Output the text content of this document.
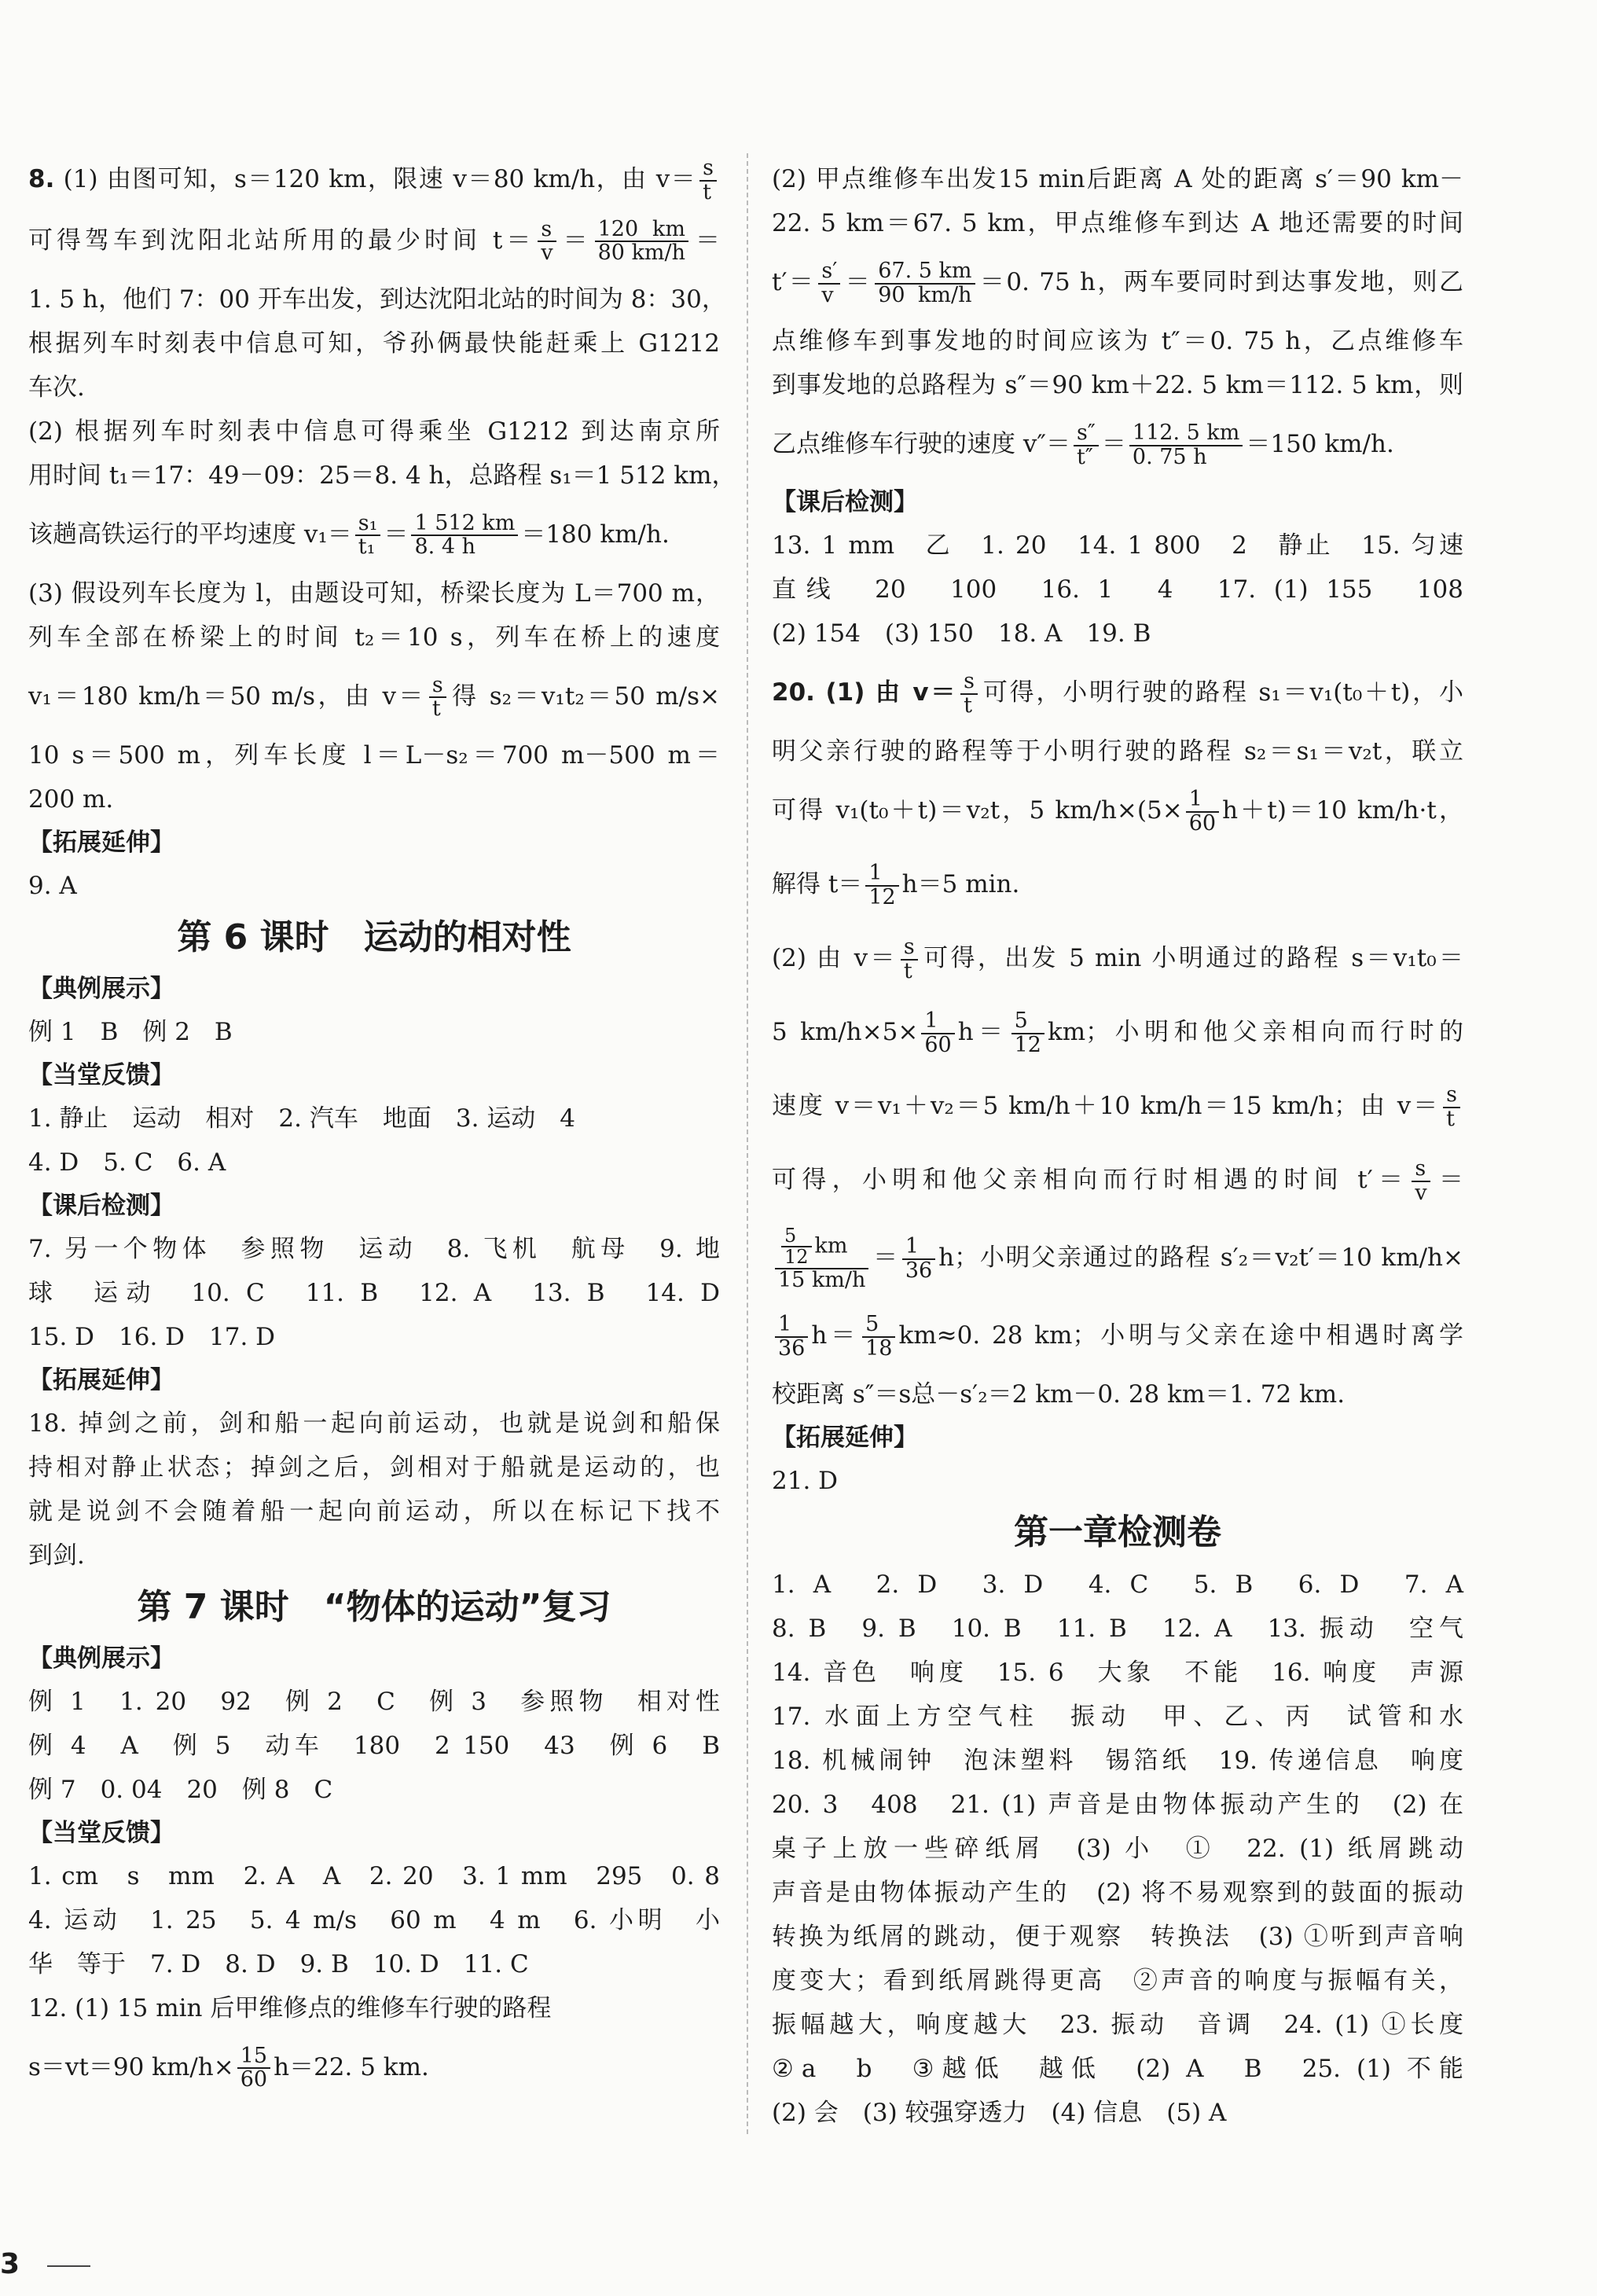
8. (1) 由图可知，s＝120 km，限速 v＝80 km/h，由 $v= \frac{s}{t}$
可得驾车到沈阳北站所用的最少时间 $t= \frac{s}{v} = \frac{120 km}{80 km/h}$ ＝
1. 5 h，他们 7：00 开车出发，到达沈阳北站的时间为 8：30，
根据列车时刻表中信息可知，爷孙俩最快能赶乘上 G1212
车次.
(2) 根据列车时刻表中信息可得乘坐 G1212 到达南京所
用时间 t₁＝17：49－09：25＝8. 4 h，总路程 s₁＝1 512 km，
该趟高铁运行的平均速度 $v_1= \frac{\text{s₁}}{\text{t₁}} = \frac{1 512 km}{8. 4 h} =180$ km/h.
(3) 假设列车长度为 l，由题设可知，桥梁长度为 L＝700 m，
列车全部在桥梁上的时间 t₂＝10 s，列车在桥上的速度
v₁＝180 km/h＝50 m/s，由 $v= \frac{s}{t}$ 得 s₂＝v₁t₂＝50 m/s×
10 s＝500 m，列车长度 l＝L－s₂＝700 m－500 m＝
200 m.
【拓展延伸】
9. A
第 6 课时　运动的相对性
【典例展示】
例 1　B　例 2　B
【当堂反馈】
1. 静止　运动　相对　2. 汽车　地面　3. 运动　4
4. D　5. C　6. A
【课后检测】
7. 另一个物体　参照物　运动　8. 飞机　航母　9. 地
球　运动　10. C　11. B　12. A　13. B　14. D
15. D　16. D　17. D
【拓展延伸】
18. 掉剑之前，剑和船一起向前运动，也就是说剑和船保
持相对静止状态；掉剑之后，剑相对于船就是运动的，也
就是说剑不会随着船一起向前运动，所以在标记下找不
到剑.
第 7 课时　“物体的运动”复习
【典例展示】
例 1　1. 20　92　例 2　C　例 3　参照物　相对性
例 4　A　例 5　动车　180　2 150　43　例 6　B
例 7　0. 04　20　例 8　C
【当堂反馈】
1. cm　s　mm　2. A　A　2. 20　3. 1 mm　295　0. 8
4. 运动　1. 25　5. 4 m/s　60 m　4 m　6. 小明　小
华　等于　7. D　8. D　9. B　10. D　11. C
12. (1) 15 min 后甲维修点的维修车行驶的路程
s＝vt＝90 $km/h\times \frac{15}{60} h=22$. 5 km.
(2) 甲点维修车出发15 min后距离 A 处的距离 s′＝90 km－
22. 5 km＝67. 5 km，甲点维修车到达 A 地还需要的时间
$t'= \frac{s'}{v} = \frac{67. 5 km}{90 km/h} =0$. 75 h，两车要同时到达事发地，则乙
点维修车到事发地的时间应该为 t″＝0. 75 h，乙点维修车
到事发地的总路程为 s″＝90 km＋22. 5 km＝112. 5 km，则
乙点维修车行驶的速度 $v''= \frac{s''}{t''} = \frac{112. 5 km}{0. 75 h} =150$ km/h.
【课后检测】
13. 1 mm　乙　1. 20　14. 1 800　2　静止　15. 匀速
直线　20　100　16. 1　4　17. (1) 155　108
(2) 154　(3) 150　18. A　19. B
20. (1) 由 $v= \frac{s}{t}$ 可得，小明行驶的路程 s₁＝v₁(t₀＋t)，小
明父亲行驶的路程等于小明行驶的路程 s₂＝s₁＝v₂t，联立
可得 v₁(t₀＋t)＝v₂t，5 $km/h\times(5\times \frac{1}{60} h+t)=10$ km/h·t，
解得 $t= \frac{1}{12} h=5$ min.
(2) 由 $v= \frac{s}{t}$ 可得，出发 5 min 小明通过的路程 s＝v₁t₀＝
5 $km/h\times 5\times \frac{1}{60} h= \frac{5}{12}$ km；小明和他父亲相向而行时的
速度 v＝v₁＋v₂＝5 km/h＋10 km/h＝15 km/h；由 $v= \frac{s}{t}$
可得，小明和他父亲相向而行时相遇的时间 $t'= \frac{s}{v}$ ＝
$\frac{\frac{5}{12} km}{15 km/h} = \frac{1}{36}$ h；小明父亲通过的路程 s′₂＝v₂t′＝10 km/h×
$\frac{1}{36} h= \frac{5}{18} km\approx 0$. 28 km；小明与父亲在途中相遇时离学
校距离 s″＝s总－s′₂＝2 km－0. 28 km＝1. 72 km.
【拓展延伸】
21. D
第一章检测卷
1. A　2. D　3. D　4. C　5. B　6. D　7. A
8. B　9. B　10. B　11. B　12. A　13. 振动　空气
14. 音色　响度　15. 6　大象　不能　16. 响度　声源
17. 水面上方空气柱　振动　甲、乙、丙　试管和水
18. 机械闹钟　泡沫塑料　锡箔纸　19. 传递信息　响度
20. 3　408　21. (1) 声音是由物体振动产生的　(2) 在
桌子上放一些碎纸屑　(3) 小　①　22. (1) 纸屑跳动
声音是由物体振动产生的　(2) 将不易观察到的鼓面的振动
转换为纸屑的跳动，便于观察　转换法　(3) ①听到声音响
度变大；看到纸屑跳得更高　②声音的响度与振幅有关，
振幅越大，响度越大　23. 振动　音调　24. (1) ①长度
②a　b　③越低　越低　(2) A　B　25. (1) 不能
(2) 会　(3) 较强穿透力　(4) 信息　(5) A
3
